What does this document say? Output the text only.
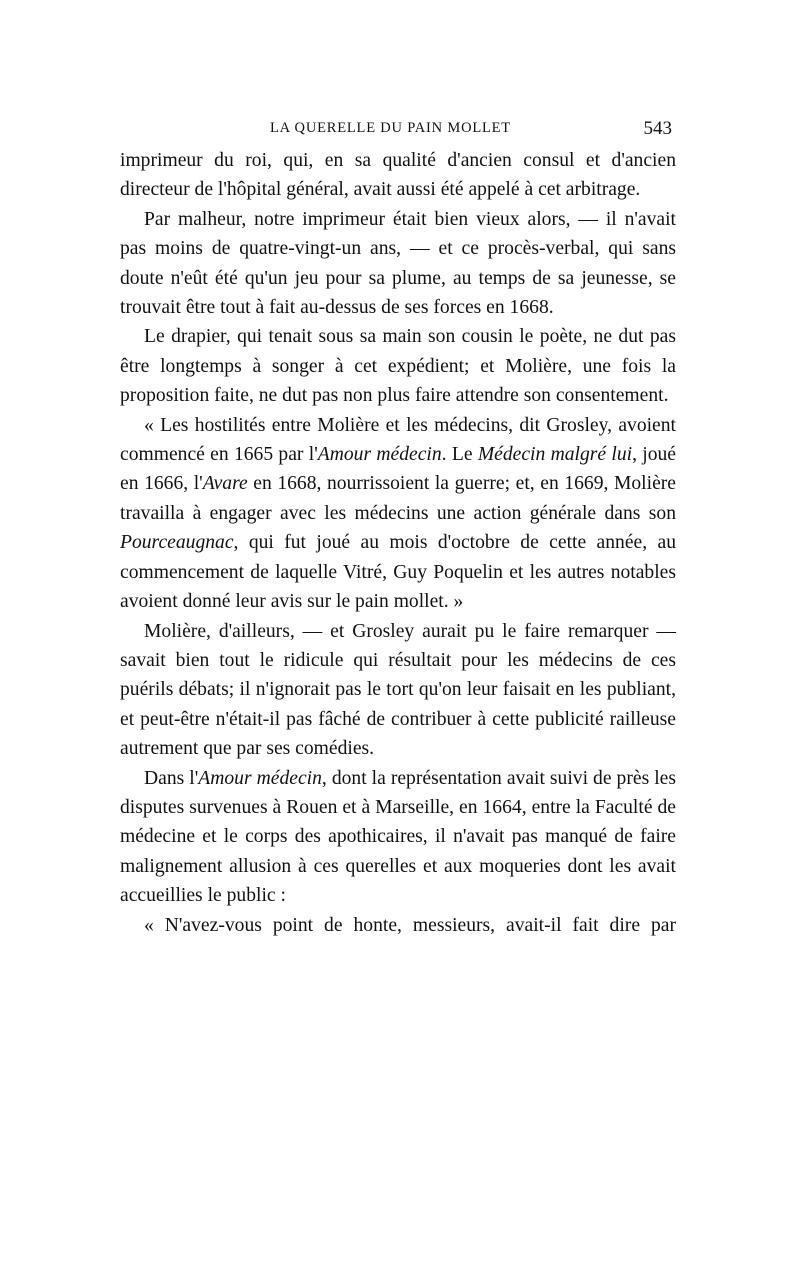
LA QUERELLE DU PAIN MOLLET	543

imprimeur du roi, qui, en sa qualité d'ancien consul et d'ancien directeur de l'hôpital général, avait aussi été appelé à cet arbitrage.

Par malheur, notre imprimeur était bien vieux alors, — il n'avait pas moins de quatre-vingt-un ans, — et ce procès-verbal, qui sans doute n'eût été qu'un jeu pour sa plume, au temps de sa jeunesse, se trouvait être tout à fait au-dessus de ses forces en 1668.

Le drapier, qui tenait sous sa main son cousin le poète, ne dut pas être longtemps à songer à cet expédient; et Molière, une fois la proposition faite, ne dut pas non plus faire attendre son consentement.

« Les hostilités entre Molière et les médecins, dit Grosley, avoient commencé en 1665 par l'Amour médecin. Le Médecin malgré lui, joué en 1666, l'Avare en 1668, nourrissoient la guerre; et, en 1669, Molière travailla à engager avec les médecins une action générale dans son Pourceaugnac, qui fut joué au mois d'octobre de cette année, au commencement de laquelle Vitré, Guy Poquelin et les autres notables avoient donné leur avis sur le pain mollet. »

Molière, d'ailleurs, — et Grosley aurait pu le faire remarquer — savait bien tout le ridicule qui résultait pour les médecins de ces puérils débats; il n'ignorait pas le tort qu'on leur faisait en les publiant, et peut-être n'était-il pas fâché de contribuer à cette publicité railleuse autrement que par ses comédies.

Dans l'Amour médecin, dont la représentation avait suivi de près les disputes survenues à Rouen et à Marseille, en 1664, entre la Faculté de médecine et le corps des apothicaires, il n'avait pas manqué de faire malignement allusion à ces querelles et aux moqueries dont les avait accueillies le public :

« N'avez-vous point de honte, messieurs, avait-il fait dire par
